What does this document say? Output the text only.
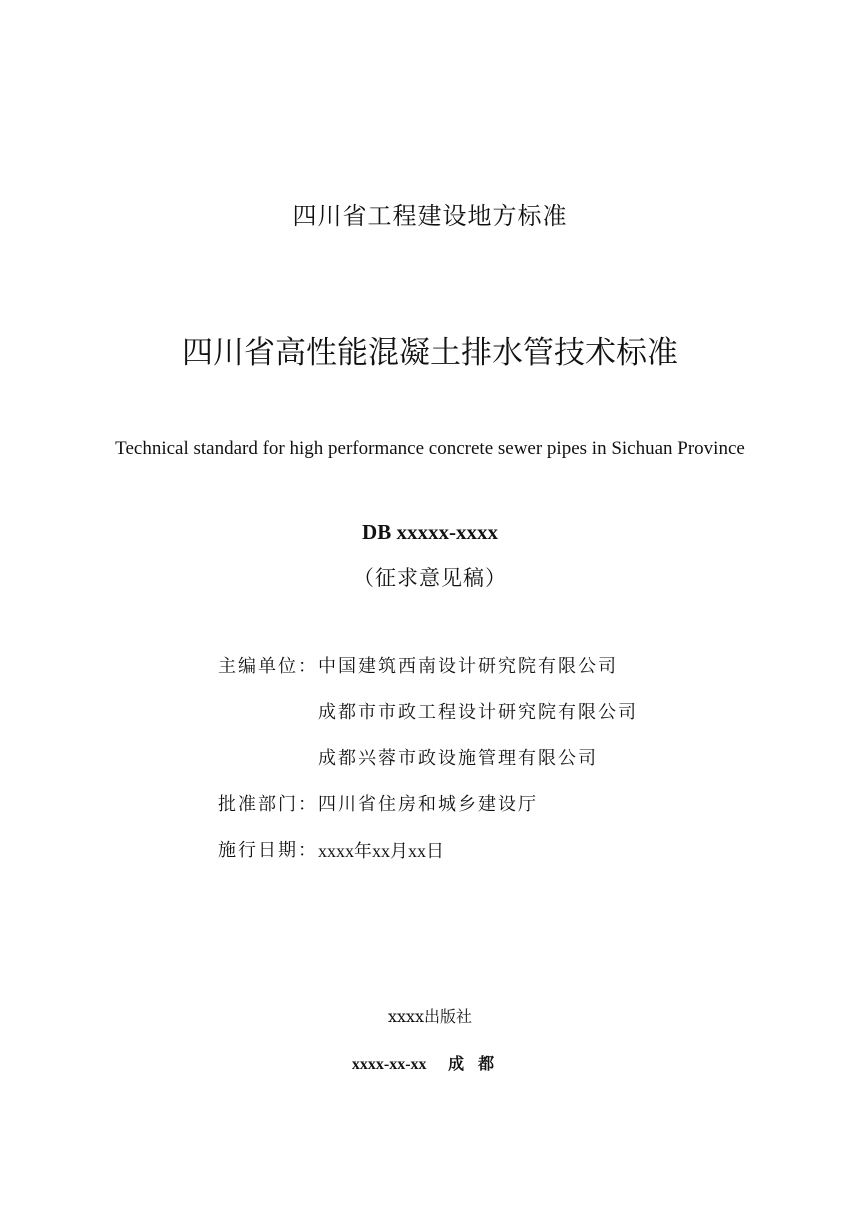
四川省工程建设地方标准
四川省高性能混凝土排水管技术标准
Technical standard for high performance concrete sewer pipes in Sichuan Province
DB xxxxx-xxxx
（征求意见稿）
主编单位： 中国建筑西南设计研究院有限公司
成都市市政工程设计研究院有限公司
成都兴蓉市政设施管理有限公司
批准部门： 四川省住房和城乡建设厅
施行日期： xxxx年xx月xx日
xxxx出版社
xxxx-xx-xx 成都
